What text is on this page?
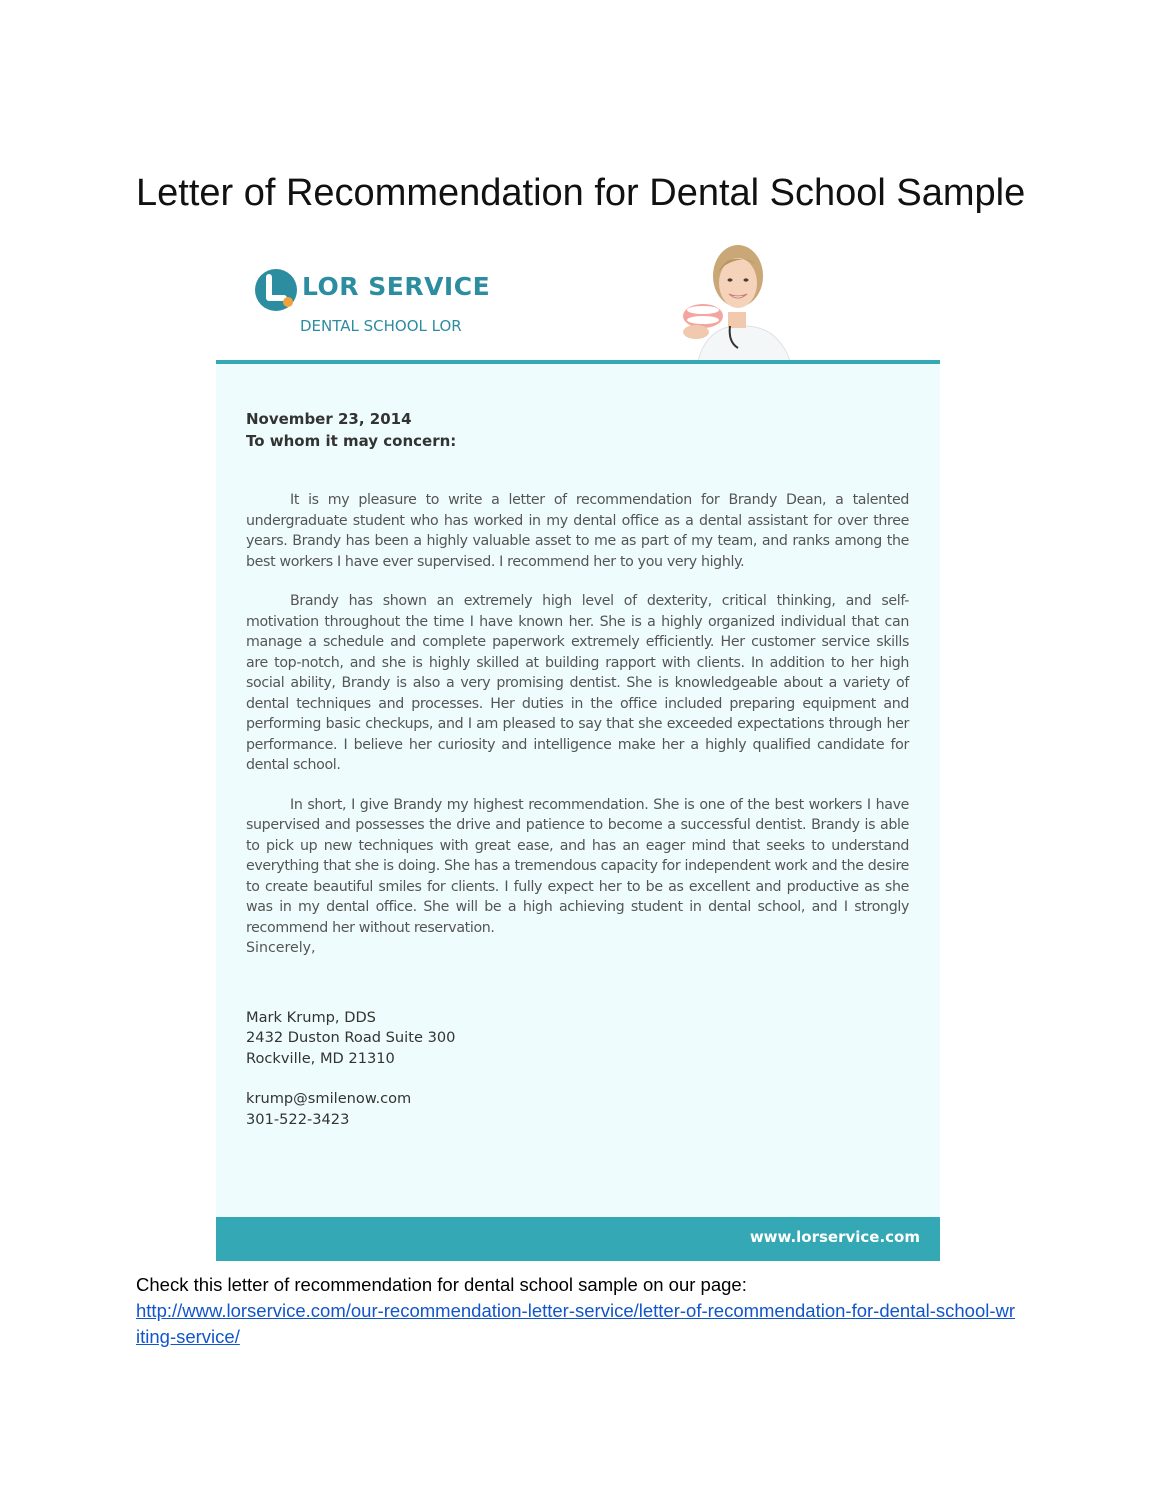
Letter of Recommendation for Dental School Sample
LOR SERVICE
DENTAL SCHOOL LOR
November 23, 2014
To whom it may concern:

It is my pleasure to write a letter of recommendation for Brandy Dean, a talented undergraduate student who has worked in my dental office as a dental assistant for over three years. Brandy has been a highly valuable asset to me as part of my team, and ranks among the best workers I have ever supervised. I recommend her to you very highly.

Brandy has shown an extremely high level of dexterity, critical thinking, and self-motivation throughout the time I have known her. She is a highly organized individual that can manage a schedule and complete paperwork extremely efficiently. Her customer service skills are top-notch, and she is highly skilled at building rapport with clients. In addition to her high social ability, Brandy is also a very promising dentist. She is knowledgeable about a variety of dental techniques and processes. Her duties in the office included preparing equipment and performing basic checkups, and I am pleased to say that she exceeded expectations through her performance. I believe her curiosity and intelligence make her a highly qualified candidate for dental school.

In short, I give Brandy my highest recommendation. She is one of the best workers I have supervised and possesses the drive and patience to become a successful dentist. Brandy is able to pick up new techniques with great ease, and has an eager mind that seeks to understand everything that she is doing. She has a tremendous capacity for independent work and the desire to create beautiful smiles for clients. I fully expect her to be as excellent and productive as she was in my dental office. She will be a high achieving student in dental school, and I strongly recommend her without reservation.

Sincerely,

Mark Krump, DDS
2432 Duston Road Suite 300
Rockville, MD 21310
krump@smilenow.com
301-522-3423
www.lorservice.com
Check this letter of recommendation for dental school sample on our page:
http://www.lorservice.com/our-recommendation-letter-service/letter-of-recommendation-for-dental-school-writing-service/
